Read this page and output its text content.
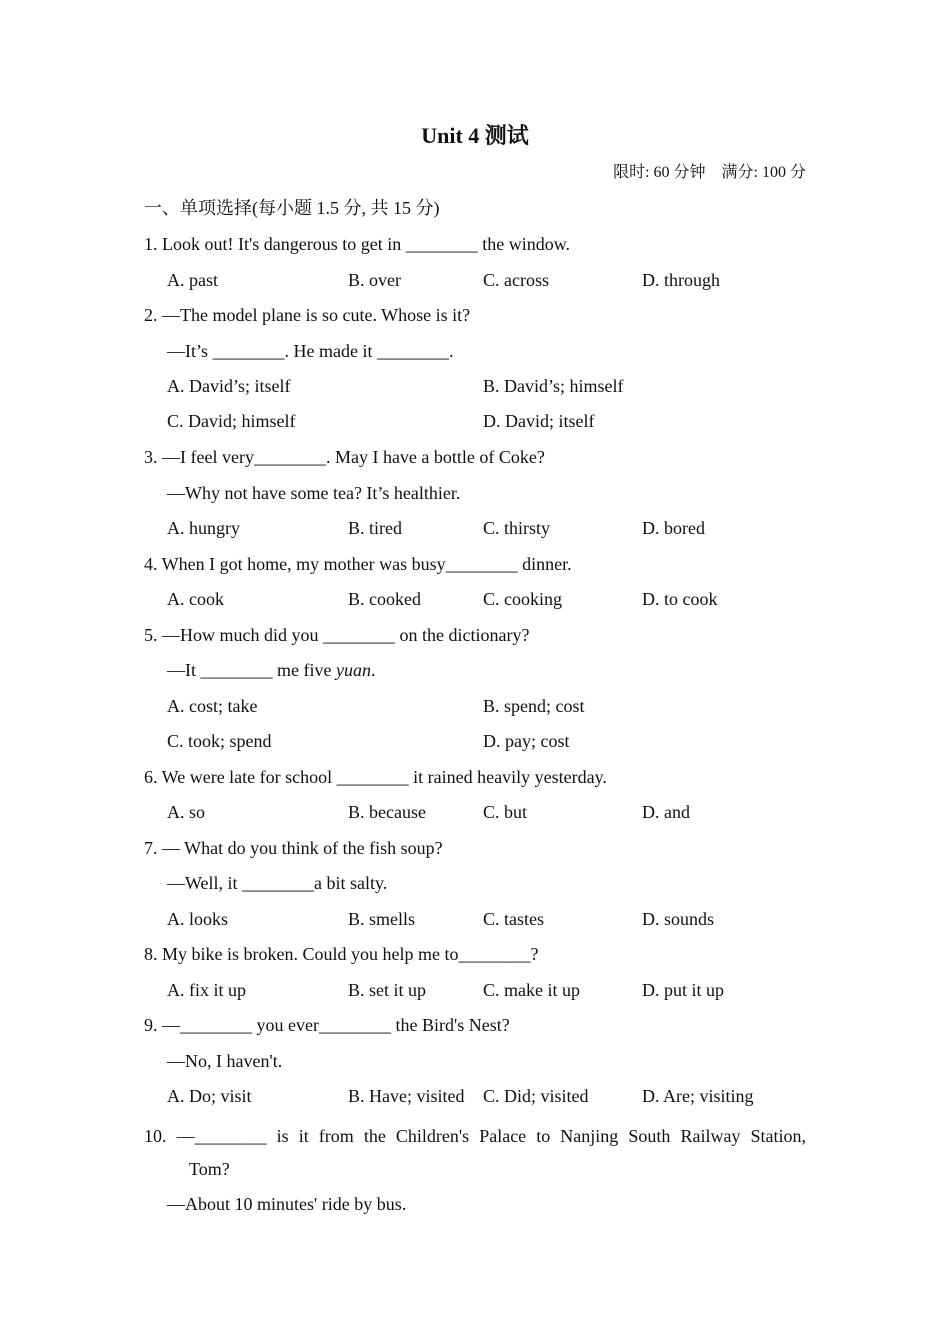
Unit 4 测试
限时: 60 分钟    满分: 100 分
一、单项选择(每小题 1.5 分, 共 15 分)
1. Look out! It's dangerous to get in ________ the window.
A. past	B. over	C. across	D. through
2. —The model plane is so cute. Whose is it?
—It’s ________. He made it ________.
A. David’s; itself	B. David’s; himself
C. David; himself	D. David; itself
3. —I feel very________. May I have a bottle of Coke?
—Why not have some tea? It’s healthier.
A. hungry	B. tired	C. thirsty	D. bored
4. When I got home, my mother was busy________ dinner.
A. cook	B. cooked	C. cooking	D. to cook
5. —How much did you ________ on the dictionary?
—It ________ me five yuan.
A. cost; take	B. spend; cost
C. took; spend	D. pay; cost
6. We were late for school ________ it rained heavily yesterday.
A. so	B. because	C. but	D. and
7. — What do you think of the fish soup?
—Well, it ________a bit salty.
A. looks	B. smells	C. tastes	D. sounds
8. My bike is broken. Could you help me to________?
A. fix it up	B. set it up	C. make it up	D. put it up
9. —________ you ever________ the Bird's Nest?
—No, I haven't.
A. Do; visit	B. Have; visited C. Did; visited	D. Are; visiting
10. —________ is it from the Children's Palace to Nanjing South Railway Station,
Tom?
—About 10 minutes' ride by bus.
